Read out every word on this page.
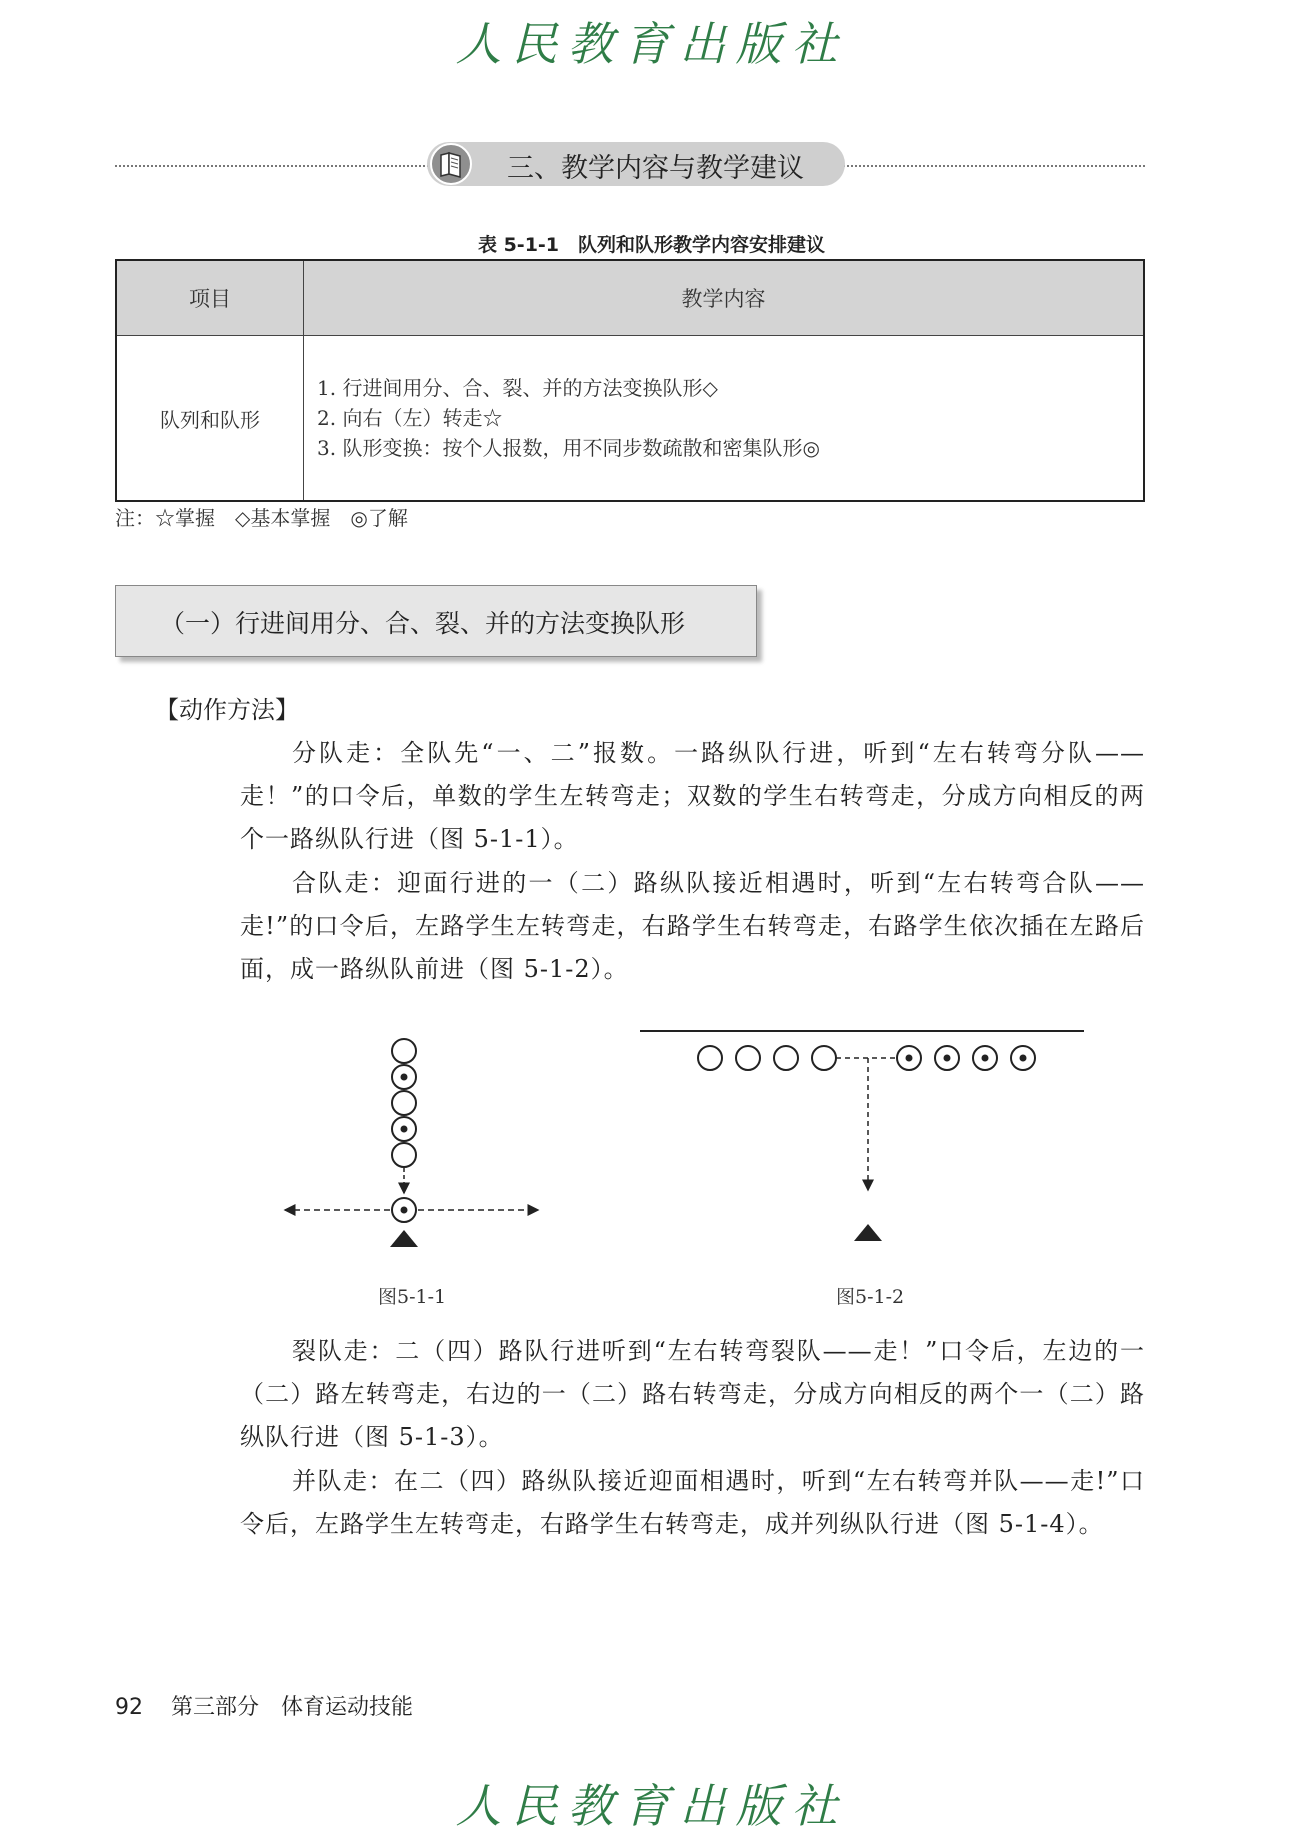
人民教育出版社
三、教学内容与教学建议
表 5-1-1　队列和队形教学内容安排建议
项目	教学内容
队列和队形	1. 行进间用分、合、裂、并的方法变换队形◇
2. 向右（左）转走☆
3. 队形变换：按个人报数，用不同步数疏散和密集队形◎
注：☆掌握　◇基本掌握　◎了解
（一）行进间用分、合、裂、并的方法变换队形
【动作方法】

分队走：全队先“一、二”报数。一路纵队行进，听到“左右转弯分队——走！”的口令后，单数的学生左转弯走；双数的学生右转弯走，分成方向相反的两个一路纵队行进（图 5-1-1）。

合队走：迎面行进的一（二）路纵队接近相遇时，听到“左右转弯合队——走!”的口令后，左路学生左转弯走，右路学生右转弯走，右路学生依次插在左路后面，成一路纵队前进（图 5-1-2）。

图5-1-1	图5-1-2

裂队走：二（四）路队行进听到“左右转弯裂队——走！”口令后，左边的一（二）路左转弯走，右边的一（二）路右转弯走，分成方向相反的两个一（二）路纵队行进（图 5-1-3）。

并队走：在二（四）路纵队接近迎面相遇时，听到“左右转弯并队——走!”口令后，左路学生左转弯走，右路学生右转弯走，成并列纵队行进（图 5-1-4）。

92 第三部分　体育运动技能
人民教育出版社
